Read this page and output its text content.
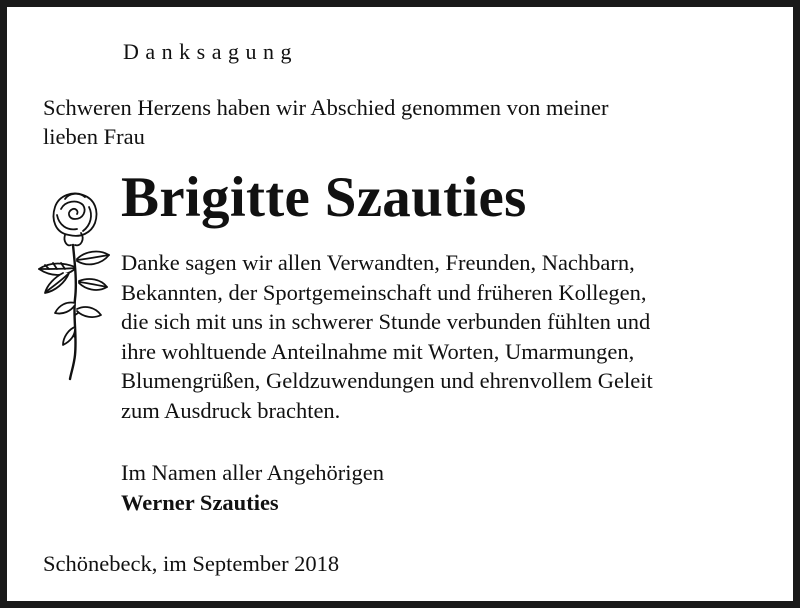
Danksagung

Schweren Herzens haben wir Abschied genommen von meiner
lieben Frau

Brigitte Szauties

Danke sagen wir allen Verwandten, Freunden, Nachbarn,
Bekannten, der Sportgemeinschaft und früheren Kollegen,
die sich mit uns in schwerer Stunde verbunden fühlten und
ihre wohltuende Anteilnahme mit Worten, Umarmungen,
Blumengrüßen, Geldzuwendungen und ehrenvollem Geleit
zum Ausdruck brachten.

Im Namen aller Angehörigen

Werner Szauties

Schönebeck, im September 2018
